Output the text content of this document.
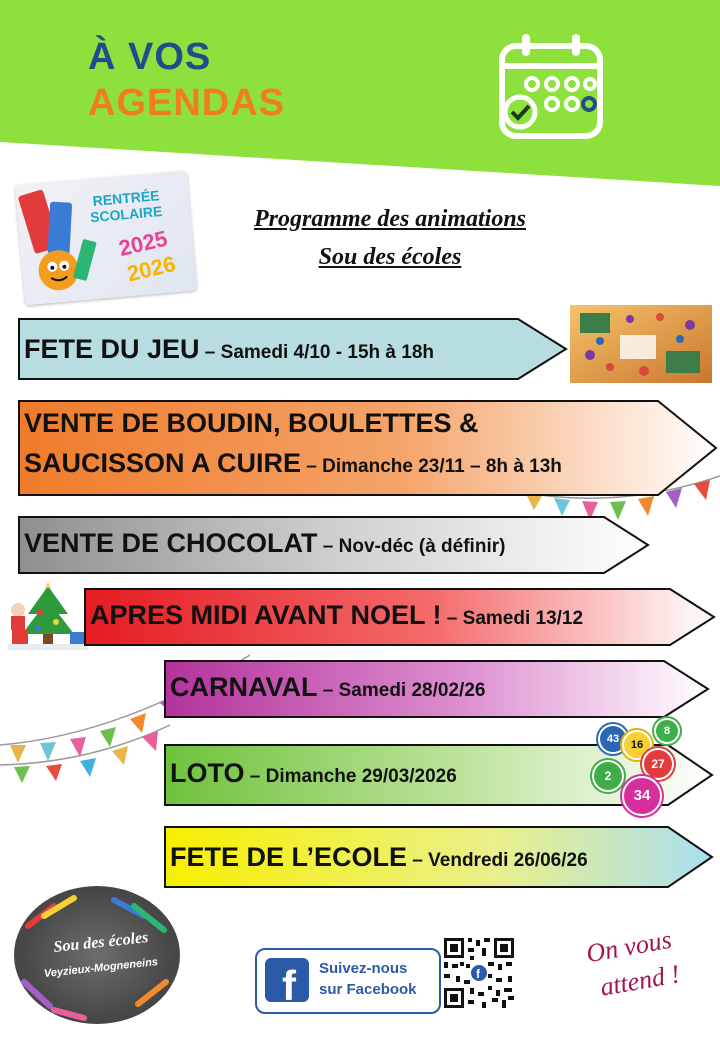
À VOS
AGENDAS
RENTRÉE
SCOLAIRE
2025
2026
Programme des animations
Sou des écoles
FETE DU JEU – Samedi 4/10 - 15h à 18h
VENTE DE BOUDIN, BOULETTES &
SAUCISSON A CUIRE – Dimanche 23/11 – 8h à 13h
VENTE DE CHOCOLAT – Nov-déc (à définir)
APRES MIDI AVANT NOEL ! – Samedi 13/12
CARNAVAL – Samedi 28/02/26
LOTO – Dimanche 29/03/2026
43	16
8
27
2
34
FETE DE L’ECOLE – Vendredi 26/06/26
Sou des écoles
Veyzieux-Mogneneins	f Suivez-nous
sur Facebook
f
On vous
attend !
